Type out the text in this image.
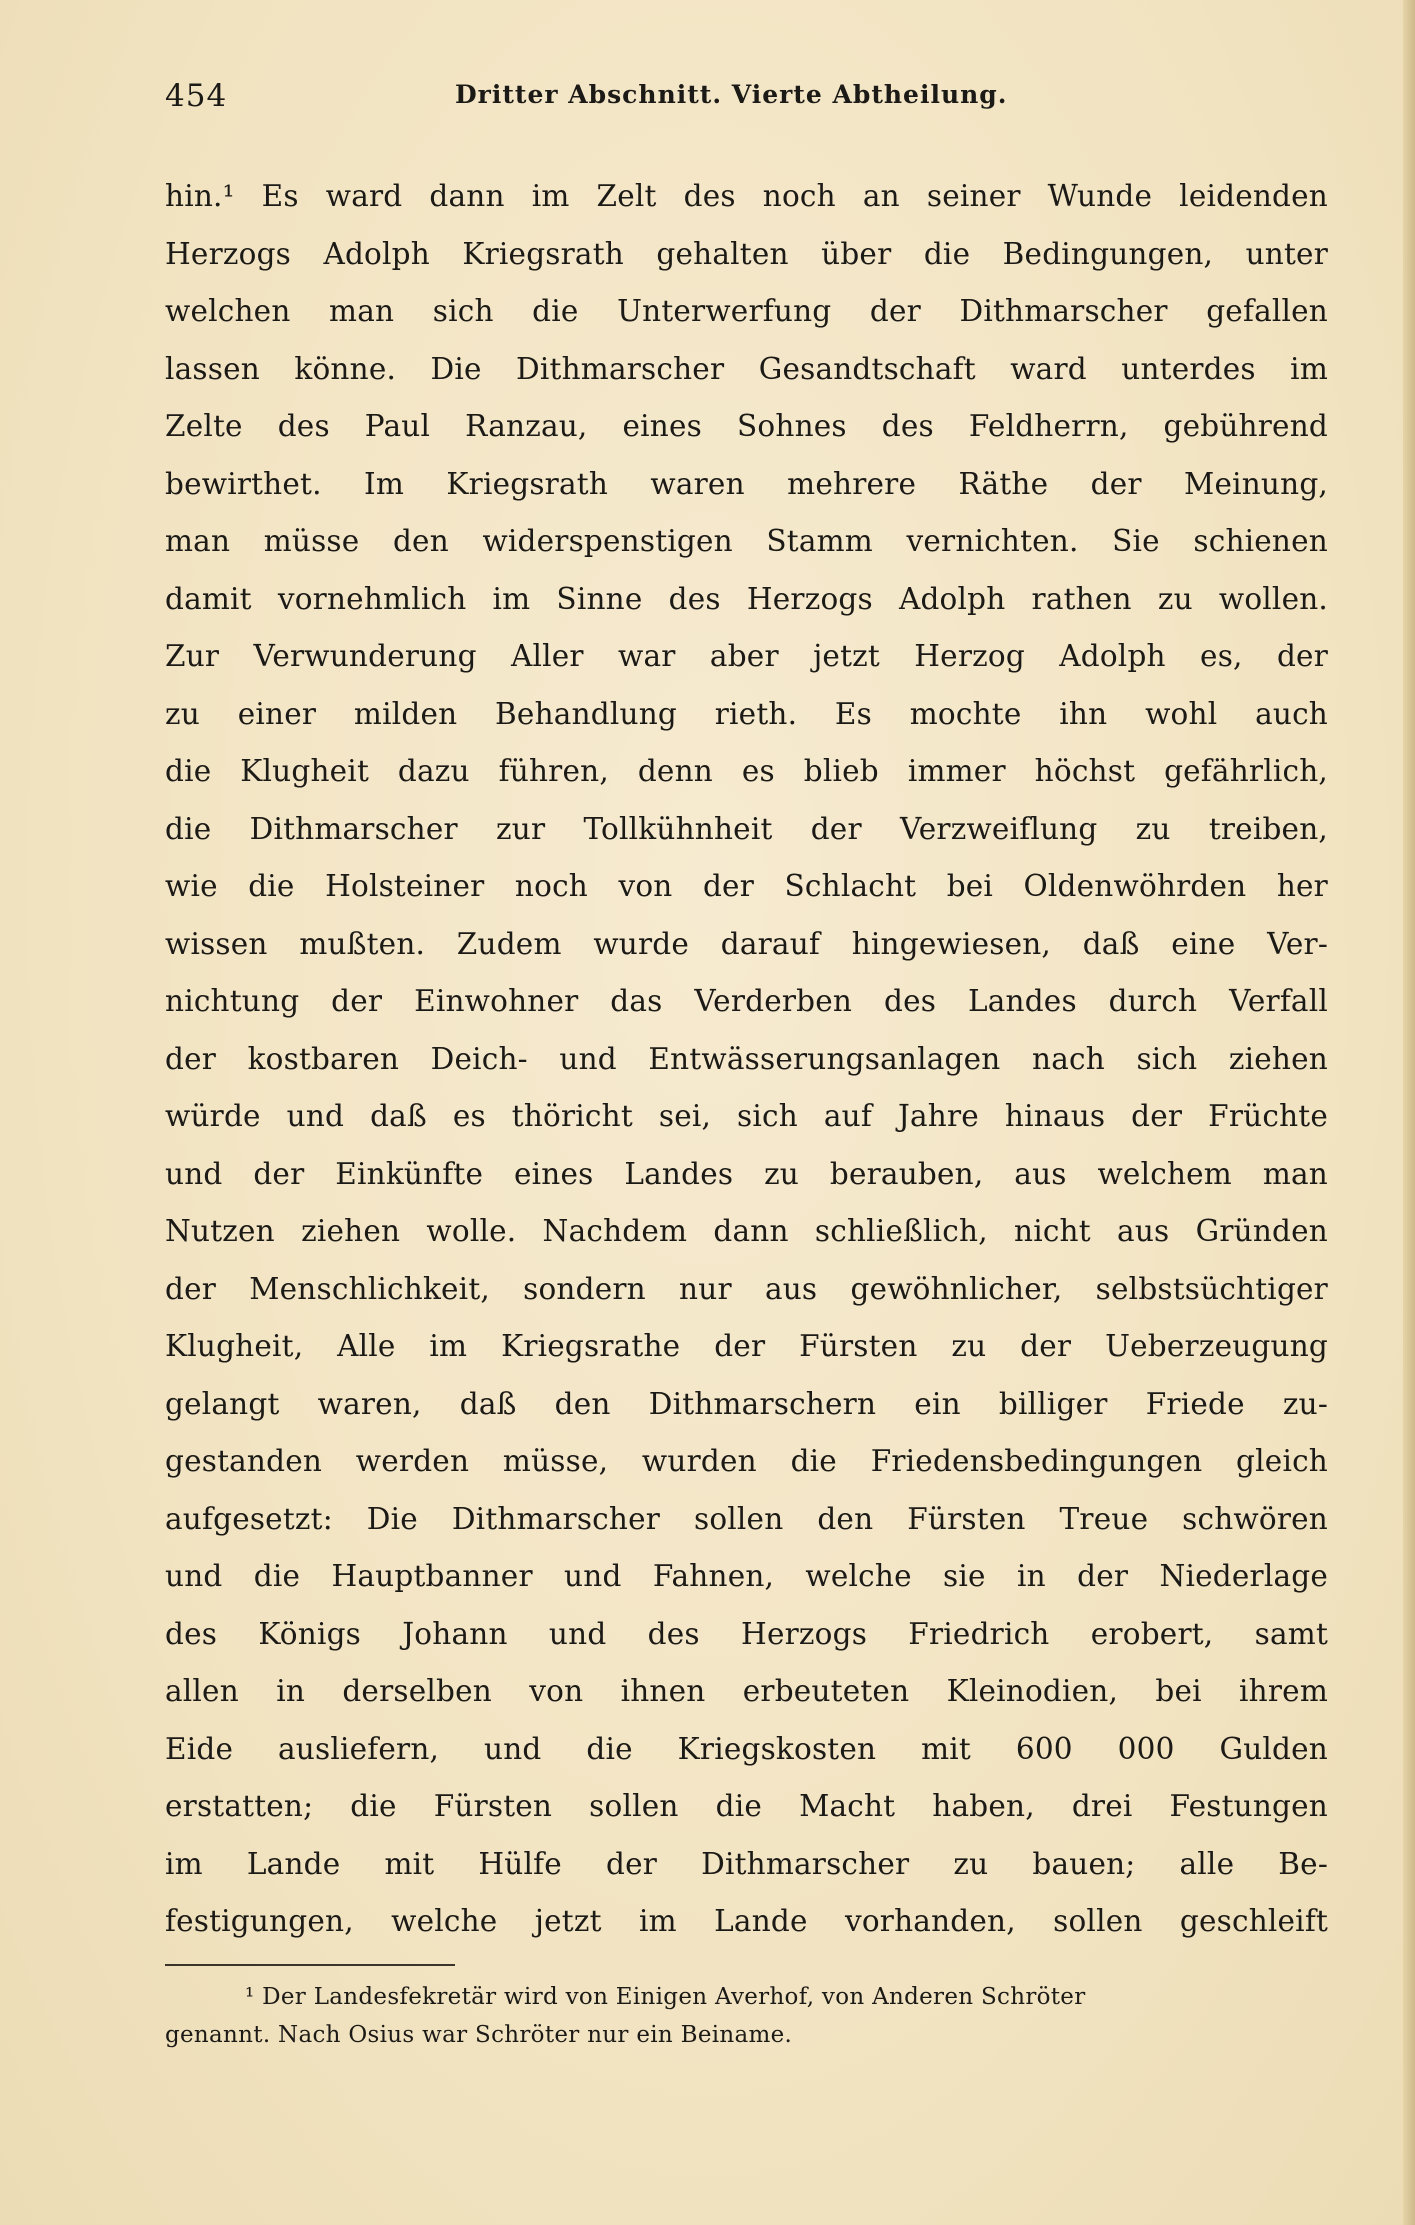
454	Dritter Abschnitt. Vierte Abtheilung.
hin.¹ Es ward dann im Zelt des noch an seiner Wunde leidenden
Herzogs Adolph Kriegsrath gehalten über die Bedingungen, unter
welchen man sich die Unterwerfung der Dithmarscher gefallen
lassen könne. Die Dithmarscher Gesandtschaft ward unterdes im
Zelte des Paul Ranzau, eines Sohnes des Feldherrn, gebührend
bewirthet. Im Kriegsrath waren mehrere Räthe der Meinung,
man müsse den widerspenstigen Stamm vernichten. Sie schienen
damit vornehmlich im Sinne des Herzogs Adolph rathen zu wollen.
Zur Verwunderung Aller war aber jetzt Herzog Adolph es, der
zu einer milden Behandlung rieth. Es mochte ihn wohl auch
die Klugheit dazu führen, denn es blieb immer höchst gefährlich,
die Dithmarscher zur Tollkühnheit der Verzweiflung zu treiben,
wie die Holsteiner noch von der Schlacht bei Oldenwöhrden her
wissen mußten. Zudem wurde darauf hingewiesen, daß eine Ver-
nichtung der Einwohner das Verderben des Landes durch Verfall
der kostbaren Deich- und Entwässerungsanlagen nach sich ziehen
würde und daß es thöricht sei, sich auf Jahre hinaus der Früchte
und der Einkünfte eines Landes zu berauben, aus welchem man
Nutzen ziehen wolle. Nachdem dann schließlich, nicht aus Gründen
der Menschlichkeit, sondern nur aus gewöhnlicher, selbstsüchtiger
Klugheit, Alle im Kriegsrathe der Fürsten zu der Ueberzeugung
gelangt waren, daß den Dithmarschern ein billiger Friede zu-
gestanden werden müsse, wurden die Friedensbedingungen gleich
aufgesetzt: Die Dithmarscher sollen den Fürsten Treue schwören
und die Hauptbanner und Fahnen, welche sie in der Niederlage
des Königs Johann und des Herzogs Friedrich erobert, samt
allen in derselben von ihnen erbeuteten Kleinodien, bei ihrem
Eide ausliefern, und die Kriegskosten mit 600 000 Gulden
erstatten; die Fürsten sollen die Macht haben, drei Festungen
im Lande mit Hülfe der Dithmarscher zu bauen; alle Be-
festigungen, welche jetzt im Lande vorhanden, sollen geschleift
¹ Der Landesfekretär wird von Einigen Averhof, von Anderen Schröter
genannt. Nach Osius war Schröter nur ein Beiname.
